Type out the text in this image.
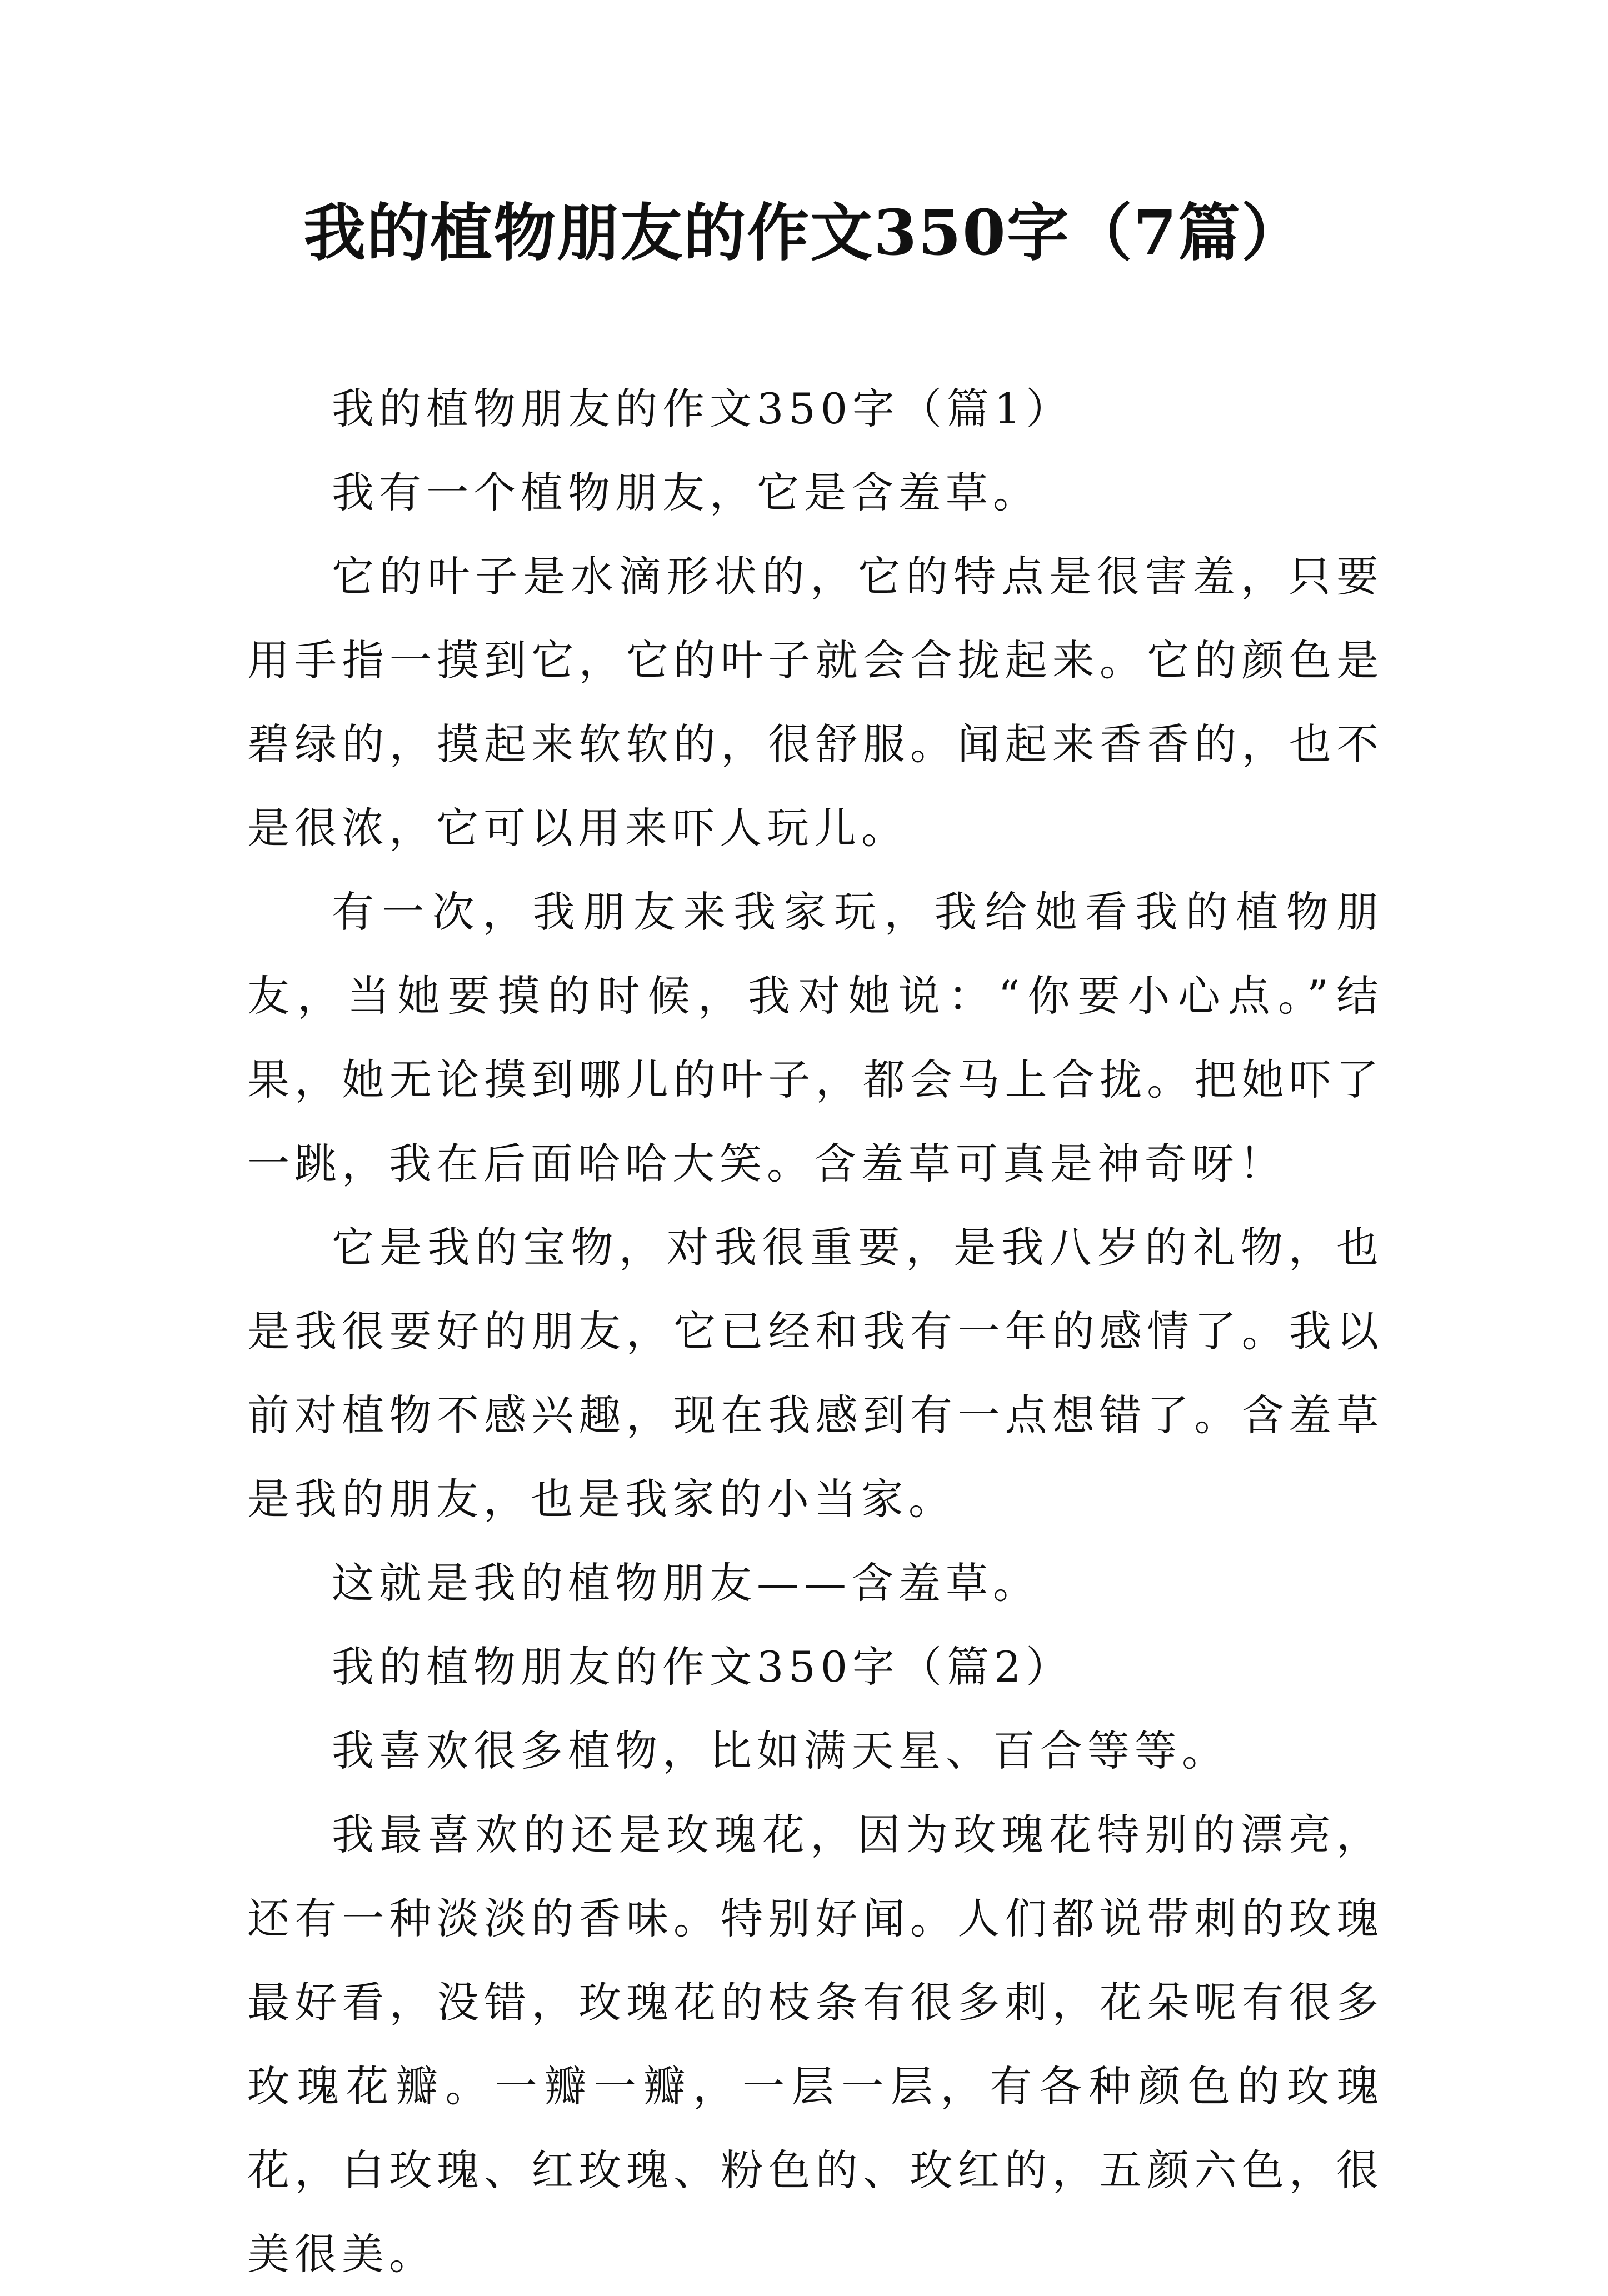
我的植物朋友的作文350字（7篇）

我的植物朋友的作文350字（篇1）

我有一个植物朋友，它是含羞草。

它的叶子是水滴形状的，它的特点是很害羞，只要用手指一摸到它，它的叶子就会合拢起来。它的颜色是碧绿的，摸起来软软的，很舒服。闻起来香香的，也不是很浓，它可以用来吓人玩儿。

有一次，我朋友来我家玩，我给她看我的植物朋友，当她要摸的时候，我对她说：“你要小心点。”结果，她无论摸到哪儿的叶子，都会马上合拢。把她吓了一跳，我在后面哈哈大笑。含羞草可真是神奇呀！

它是我的宝物，对我很重要，是我八岁的礼物，也是我很要好的朋友，它已经和我有一年的感情了。我以前对植物不感兴趣，现在我感到有一点想错了。含羞草是我的朋友，也是我家的小当家。

这就是我的植物朋友——含羞草。

我的植物朋友的作文350字（篇2）

我喜欢很多植物，比如满天星、百合等等。

我最喜欢的还是玫瑰花，因为玫瑰花特别的漂亮，还有一种淡淡的香味。特别好闻。人们都说带刺的玫瑰最好看，没错，玫瑰花的枝条有很多刺，花朵呢有很多玫瑰花瓣。一瓣一瓣，一层一层，有各种颜色的玫瑰花，白玫瑰、红玫瑰、粉色的、玫红的，五颜六色，很美很美。
